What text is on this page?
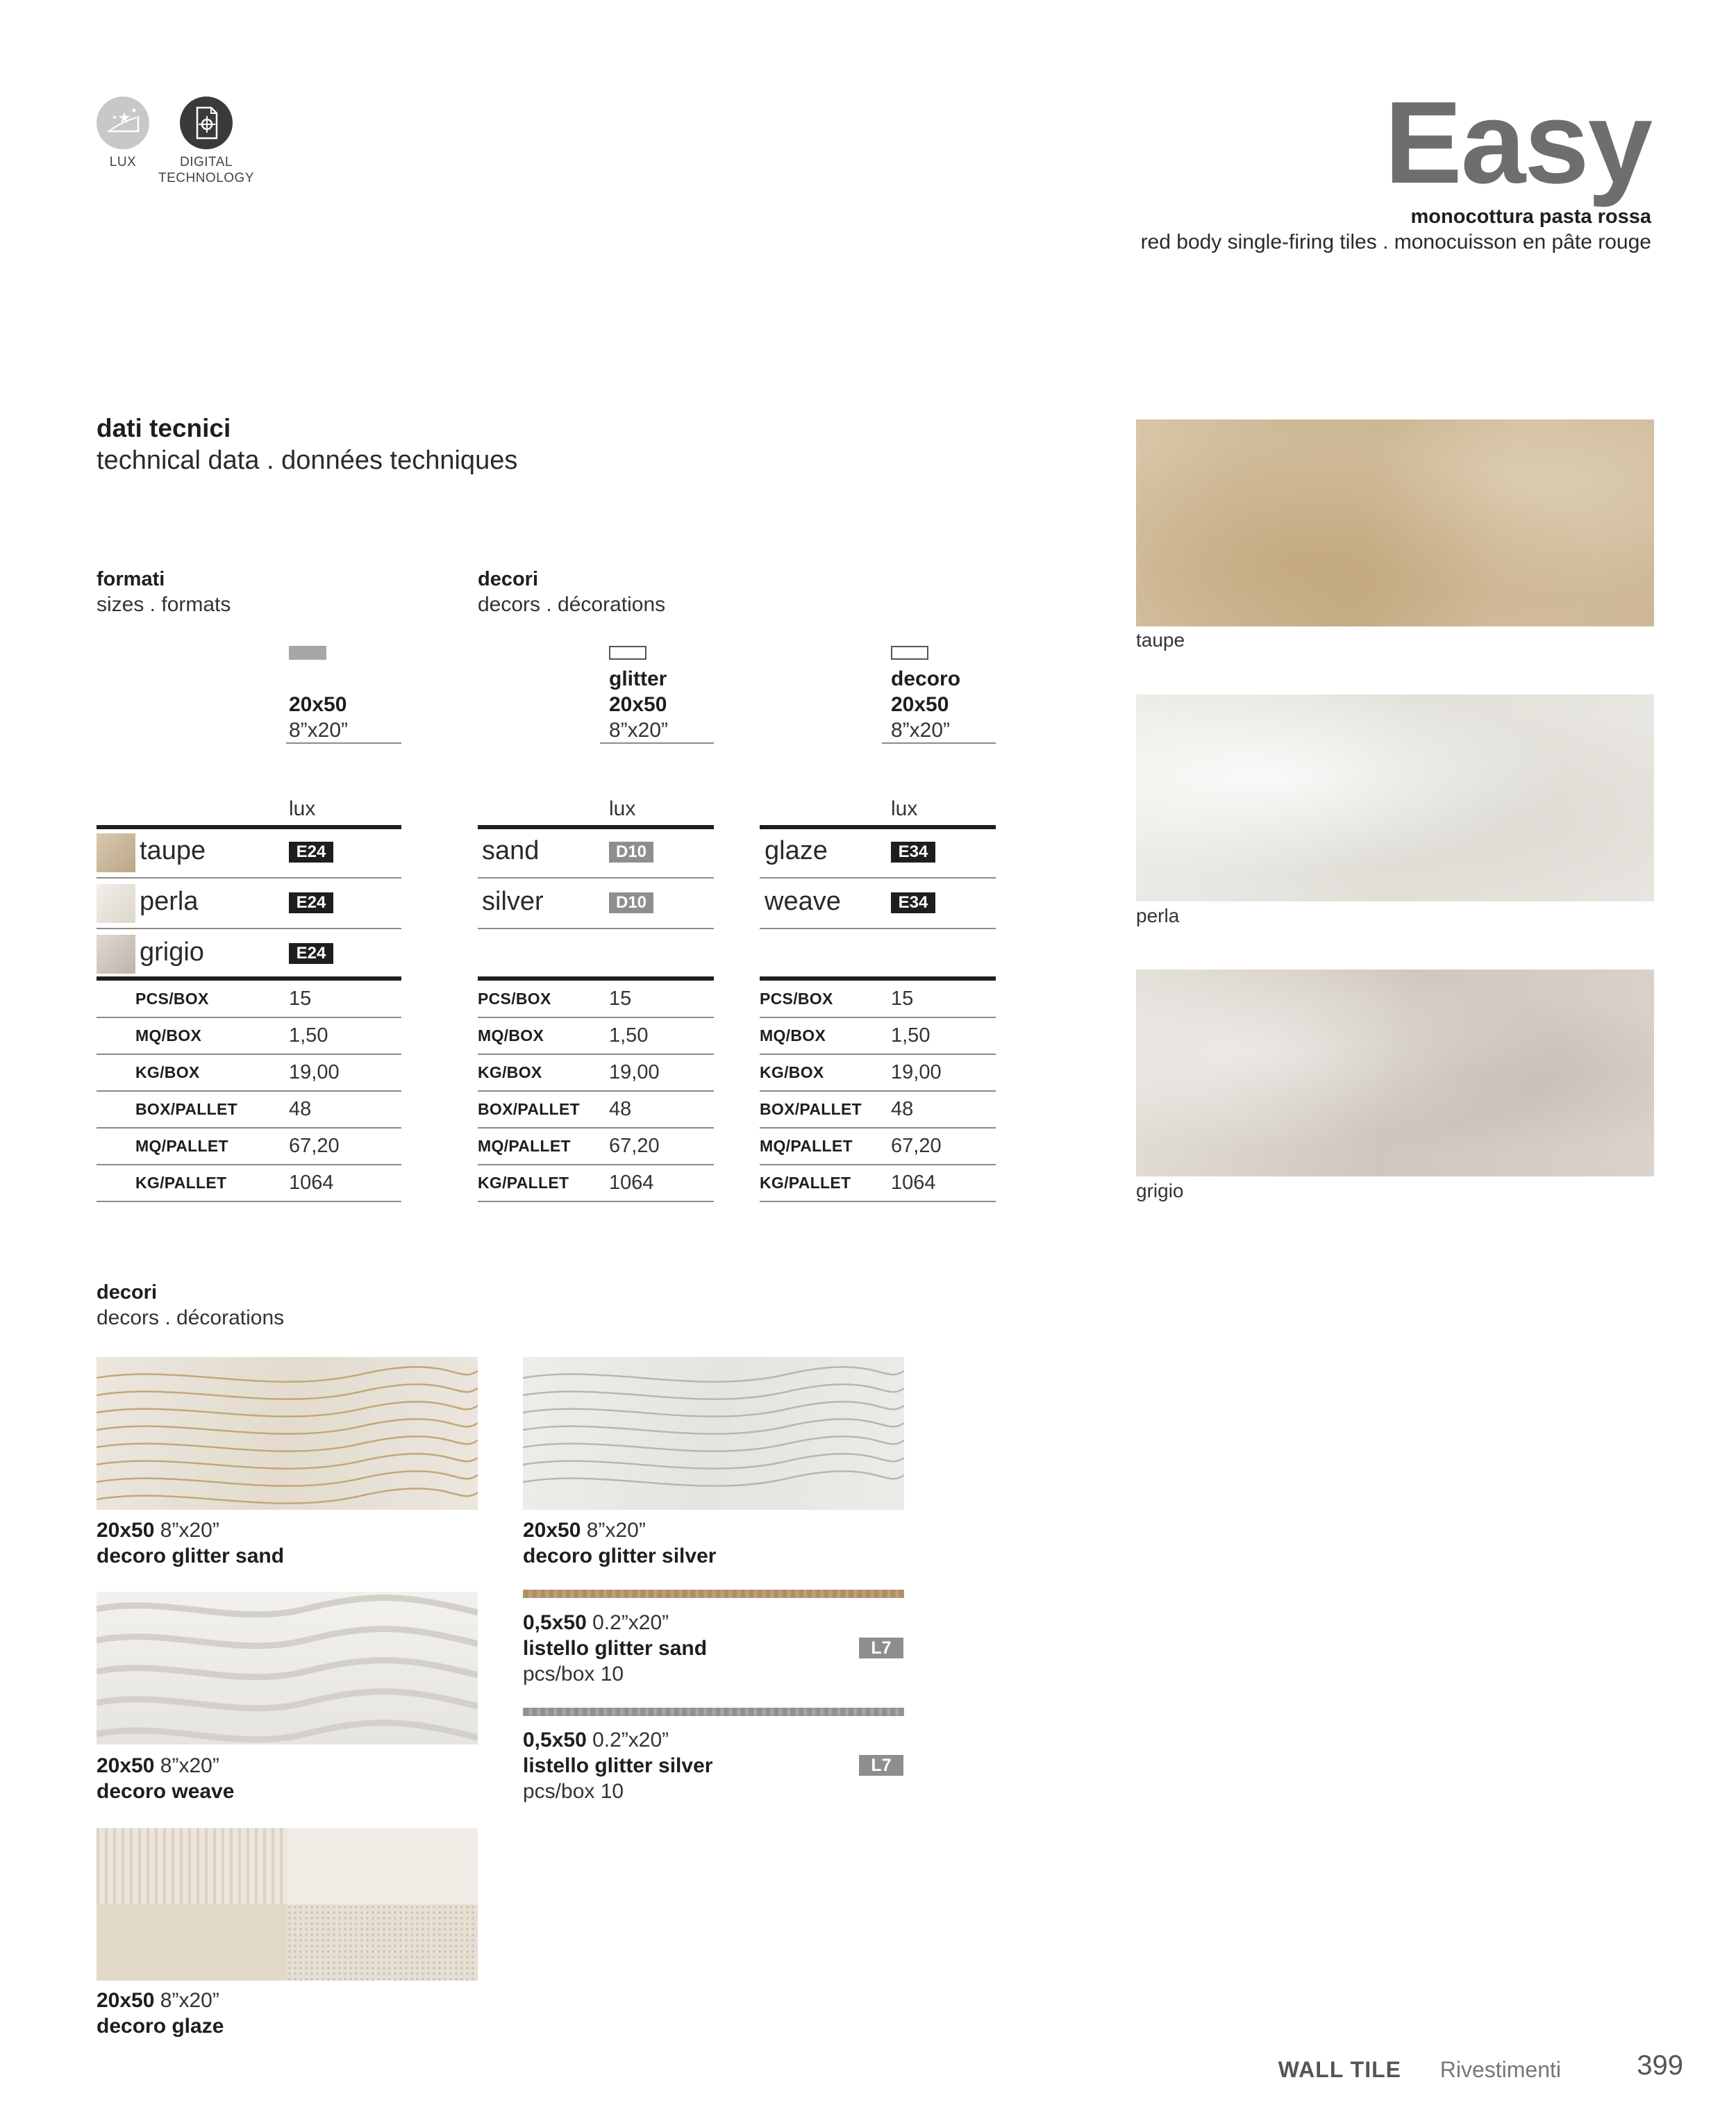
LUX	DIGITAL
TECHNOLOGY	Easy
monocottura pasta rossa
red body single-firing tiles . monocuisson en pâte rouge
dati tecnici
technical data . données techniques
formati
sizes . formats
decori
decors . décorations
20x50
8”x20”
glitter
20x50
8”x20”
decoro
20x50
8”x20”
lux	lux	lux
taupe	E24
perla	E24
grigio	E24
sand	D10
silver	D10
glaze	E34
weave	E34
PCS/BOX	15
MQ/BOX	1,50
KG/BOX	19,00
BOX/PALLET	48
MQ/PALLET	67,20
KG/PALLET	1064
PCS/BOX	15
MQ/BOX	1,50
KG/BOX	19,00
BOX/PALLET 48
MQ/PALLET 67,20
KG/PALLET 1064
PCS/BOX	15
MQ/BOX	1,50
KG/BOX	19,00
BOX/PALLET 48
MQ/PALLET 67,20
KG/PALLET 1064
taupe
perla
grigio
decori
decors . décorations
20x50 8”x20”
decoro glitter sand
20x50 8”x20”
decoro glitter silver
20x50 8”x20”
decoro weave
20x50 8”x20”
decoro glaze
0,5x50 0.2”x20”
listello glitter sand
pcs/box 10
L7
0,5x50 0.2”x20”
listello glitter silver
pcs/box 10
L7
WALL TILE Rivestimenti	399
